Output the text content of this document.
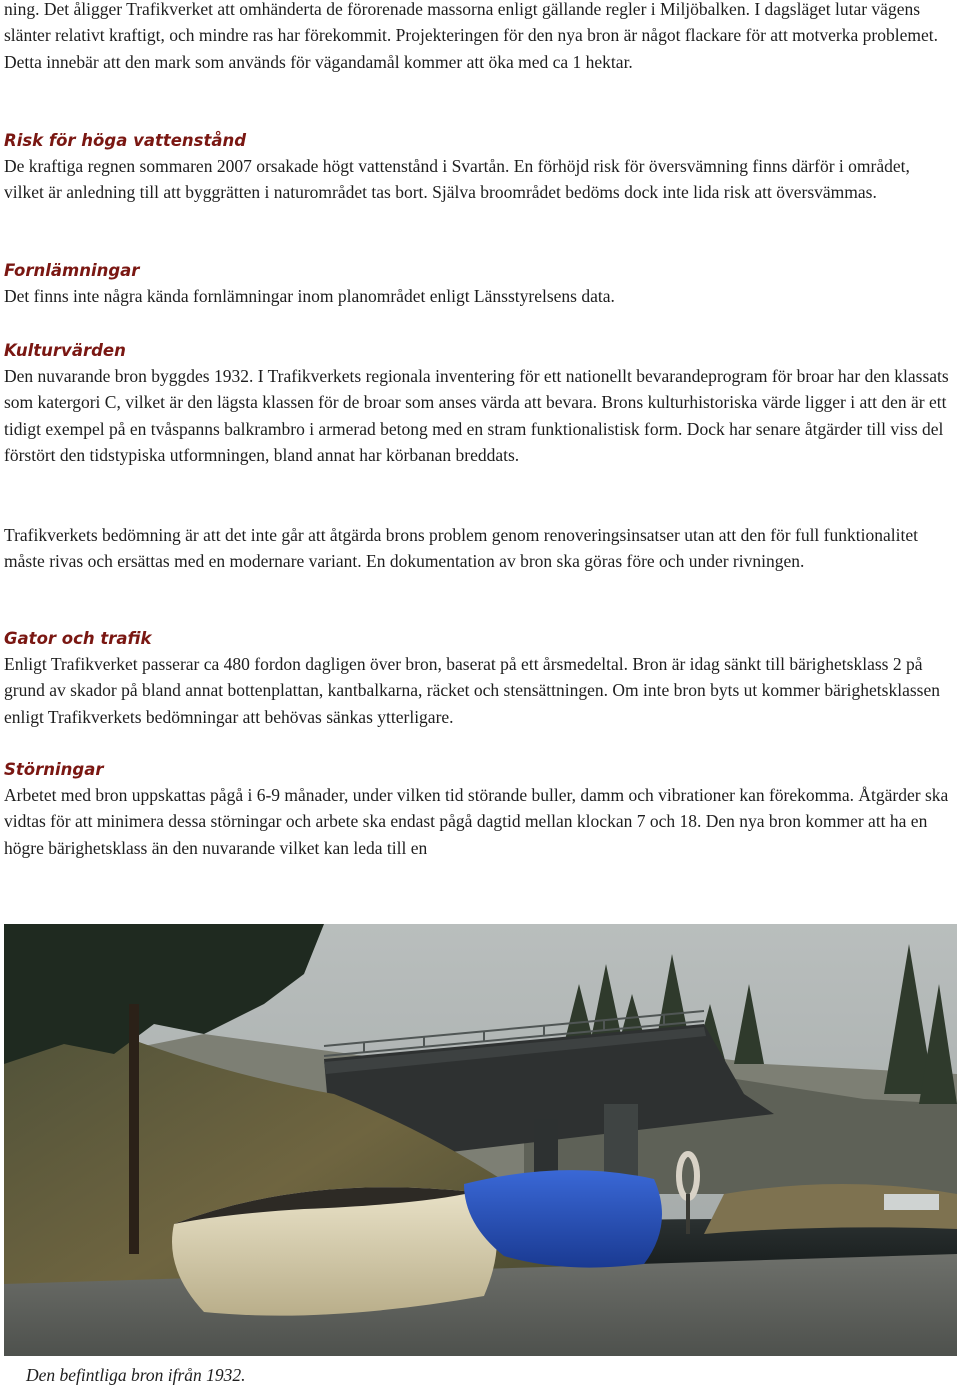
ning. Det åligger Trafikverket att omhänderta de förorenade massorna enligt gällande regler i Miljöbalken. I dagsläget lutar vägens slänter relativt kraftigt, och mindre ras har förekommit. Projekteringen för den nya bron är något flackare för att motverka problemet. Detta innebär att den mark som används för vägandamål kommer att öka med ca 1 hektar.

Risk för höga vattenstånd

De kraftiga regnen sommaren 2007 orsakade högt vattenstånd i Svartån. En förhöjd risk för översvämning finns därför i området, vilket är anledning till att byggrätten i naturområdet tas bort. Själva broområdet bedöms dock inte lida risk att översvämmas.

Fornlämningar

Det finns inte några kända fornlämningar inom planområdet enligt Länsstyrelsens data.

Kulturvärden

Den nuvarande bron byggdes 1932. I Trafikverkets regionala inventering för ett nationellt bevarandeprogram för broar har den klassats som katergori C, vilket är den lägsta klassen för de broar som anses värda att bevara. Brons kulturhistoriska värde ligger i att den är ett tidigt exempel på en tvåspanns balkrambro i armerad betong med en stram funktionalistisk form. Dock har senare åtgärder till viss del förstört den tidstypiska utformningen, bland annat har körbanan breddats.

Trafikverkets bedömning är att det inte går att åtgärda brons problem genom renoveringsinsatser utan att den för full funktionalitet måste rivas och ersättas med en modernare variant. En dokumentation av bron ska göras före och under rivningen.

Gator och trafik

Enligt Trafikverket passerar ca 480 fordon dagligen över bron, baserat på ett årsmedeltal. Bron är idag sänkt till bärighetsklass 2 på grund av skador på bland annat bottenplattan, kantbalkarna, räcket och stensättningen. Om inte bron byts ut kommer bärighetsklassen enligt Trafikverkets bedömningar att behövas sänkas ytterligare.

Störningar

Arbetet med bron uppskattas pågå i 6-9 månader, under vilken tid störande buller, damm och vibrationer kan förekomma. Åtgärder ska vidtas för att minimera dessa störningar och arbete ska endast pågå dagtid mellan klockan 7 och 18. Den nya bron kommer att ha en högre bärighetsklass än den nuvarande vilket kan leda till en

Den befintliga bron ifrån 1932.
